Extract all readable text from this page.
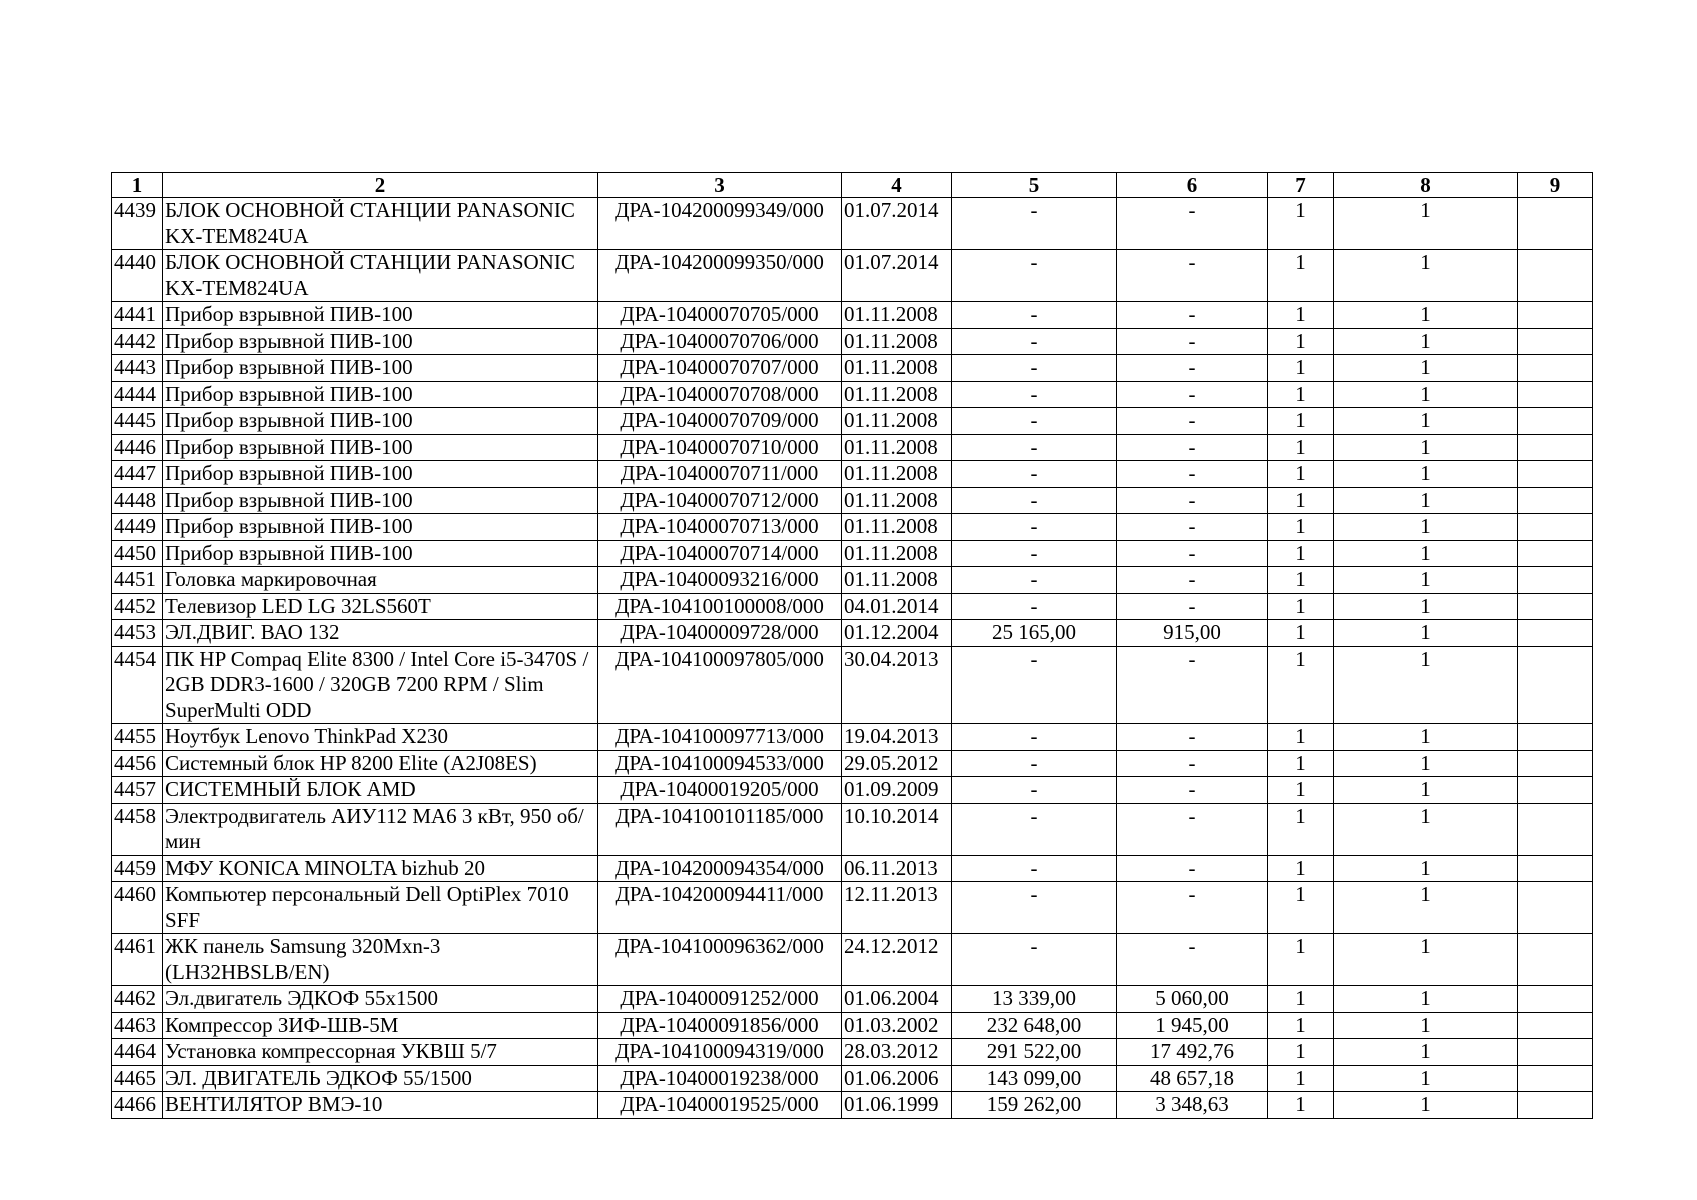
1	2	3	4	5	6	7	8	9
4439	БЛОК ОСНОВНОЙ СТАНЦИИ PANASONIC KX-TEM824UA	ДРА-104200099349/000	01.07.2014	-	-	1	1	
4440	БЛОК ОСНОВНОЙ СТАНЦИИ PANASONIC KX-TEM824UA	ДРА-104200099350/000	01.07.2014	-	-	1	1	
4441	Прибор взрывной ПИВ-100	ДРА-10400070705/000	01.11.2008	-	-	1	1	
4442	Прибор взрывной ПИВ-100	ДРА-10400070706/000	01.11.2008	-	-	1	1	
4443	Прибор взрывной ПИВ-100	ДРА-10400070707/000	01.11.2008	-	-	1	1	
4444	Прибор взрывной ПИВ-100	ДРА-10400070708/000	01.11.2008	-	-	1	1	
4445	Прибор взрывной ПИВ-100	ДРА-10400070709/000	01.11.2008	-	-	1	1	
4446	Прибор взрывной ПИВ-100	ДРА-10400070710/000	01.11.2008	-	-	1	1	
4447	Прибор взрывной ПИВ-100	ДРА-10400070711/000	01.11.2008	-	-	1	1	
4448	Прибор взрывной ПИВ-100	ДРА-10400070712/000	01.11.2008	-	-	1	1	
4449	Прибор взрывной ПИВ-100	ДРА-10400070713/000	01.11.2008	-	-	1	1	
4450	Прибор взрывной ПИВ-100	ДРА-10400070714/000	01.11.2008	-	-	1	1	
4451	Головка маркировочная	ДРА-10400093216/000	01.11.2008	-	-	1	1	
4452	Телевизор LED LG 32LS560T	ДРА-104100100008/000	04.01.2014	-	-	1	1	
4453	ЭЛ.ДВИГ. ВАО 132	ДРА-10400009728/000	01.12.2004	25 165,00	915,00	1	1	
4454	ПК HP Compaq Elite 8300 / Intel Core i5-3470S / 2GB DDR3-1600 / 320GB 7200 RPM / Slim SuperMulti ODD	ДРА-104100097805/000	30.04.2013	-	-	1	1	
4455	Ноутбук Lenovo ThinkPad X230	ДРА-104100097713/000	19.04.2013	-	-	1	1	
4456	Системный блок HP 8200 Elite (A2J08ES)	ДРА-104100094533/000	29.05.2012	-	-	1	1	
4457	СИСТЕМНЫЙ БЛОК AMD	ДРА-10400019205/000	01.09.2009	-	-	1	1	
4458	Электродвигатель АИУ112 МА6 3 кВт, 950 об/мин	ДРА-104100101185/000	10.10.2014	-	-	1	1	
4459	МФУ KONICA MINOLTA bizhub 20	ДРА-104200094354/000	06.11.2013	-	-	1	1	
4460	Компьютер персональный Dell OptiPlex 7010 SFF	ДРА-104200094411/000	12.11.2013	-	-	1	1	
4461	ЖК панель Samsung 320Mxn-3 (LH32HBSLB/EN)	ДРА-104100096362/000	24.12.2012	-	-	1	1	
4462	Эл.двигатель ЭДКОФ 55х1500	ДРА-10400091252/000	01.06.2004	13 339,00	5 060,00	1	1	
4463	Компрессор ЗИФ-ШВ-5М	ДРА-10400091856/000	01.03.2002	232 648,00	1 945,00	1	1	
4464	Установка компрессорная УКВШ 5/7	ДРА-104100094319/000	28.03.2012	291 522,00	17 492,76	1	1	
4465	ЭЛ. ДВИГАТЕЛЬ ЭДКОФ 55/1500	ДРА-10400019238/000	01.06.2006	143 099,00	48 657,18	1	1	
4466	ВЕНТИЛЯТОР ВМЭ-10	ДРА-10400019525/000	01.06.1999	159 262,00	3 348,63	1	1	
